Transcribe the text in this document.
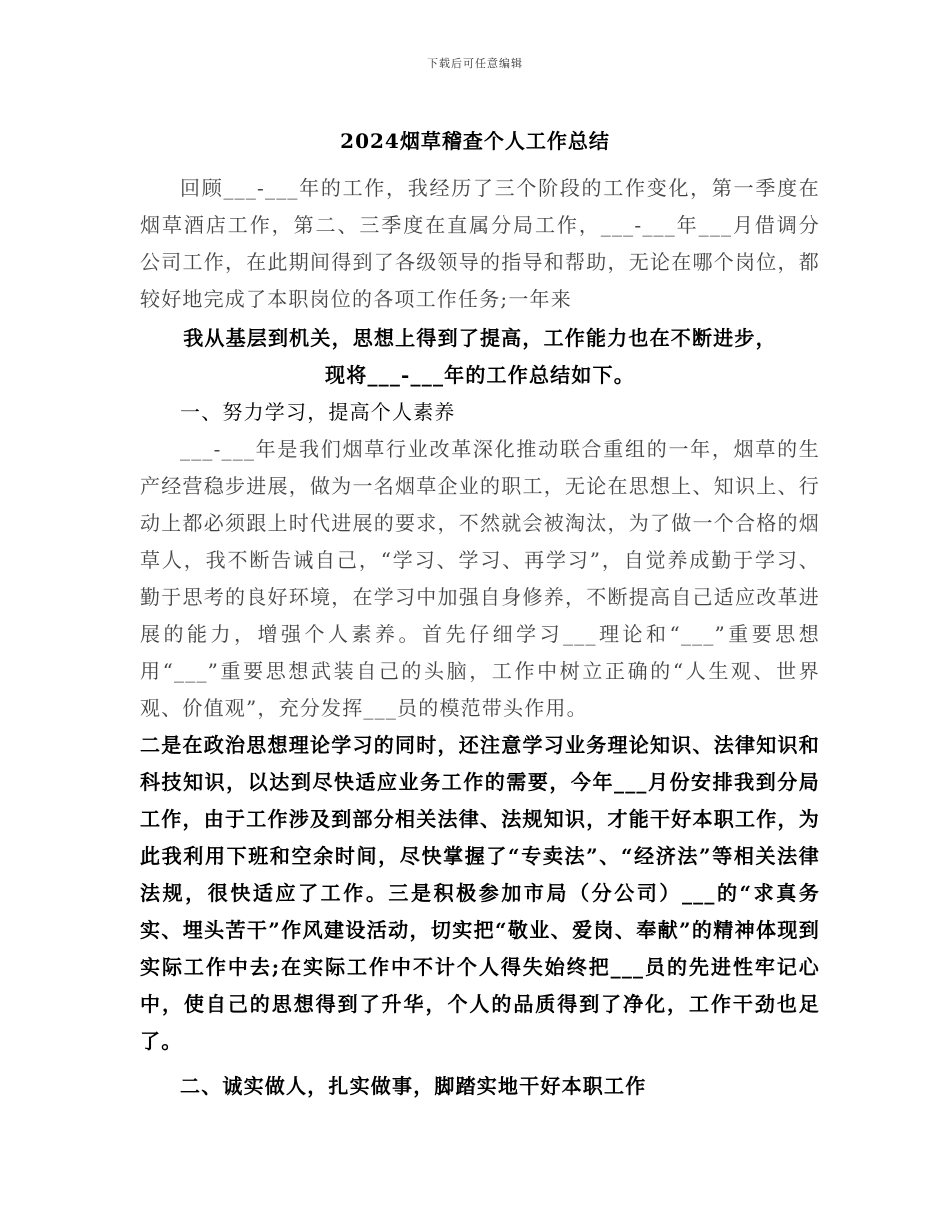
下载后可任意编辑
2024烟草稽查个人工作总结

回顾___-___年的工作，我经历了三个阶段的工作变化，第一季度在烟草酒店工作，第二、三季度在直属分局工作，___-___年___月借调分公司工作，在此期间得到了各级领导的指导和帮助，无论在哪个岗位，都较好地完成了本职岗位的各项工作任务;一年来

我从基层到机关，思想上得到了提高，工作能力也在不断进步，

现将___-___年的工作总结如下。

一、努力学习，提高个人素养

___-___年是我们烟草行业改革深化推动联合重组的一年，烟草的生产经营稳步进展，做为一名烟草企业的职工，无论在思想上、知识上、行动上都必须跟上时代进展的要求，不然就会被淘汰，为了做一个合格的烟草人，我不断告诫自己，“学习、学习、再学习”，自觉养成勤于学习、勤于思考的良好环境，在学习中加强自身修养，不断提高自己适应改革进展的能力，增强个人素养。首先仔细学习___理论和“___”重要思想用“___”重要思想武装自己的头脑，工作中树立正确的“人生观、世界观、价值观”，充分发挥___员的模范带头作用。

二是在政治思想理论学习的同时，还注意学习业务理论知识、法律知识和科技知识，以达到尽快适应业务工作的需要，今年___月份安排我到分局工作，由于工作涉及到部分相关法律、法规知识，才能干好本职工作，为此我利用下班和空余时间，尽快掌握了“专卖法”、“经济法”等相关法律法规，很快适应了工作。三是积极参加市局（分公司）___的“求真务实、埋头苦干”作风建设活动，切实把“敬业、爱岗、奉献”的精神体现到实际工作中去;在实际工作中不计个人得失始终把___员的先进性牢记心中，使自己的思想得到了升华，个人的品质得到了净化，工作干劲也足了。

二、诚实做人，扎实做事，脚踏实地干好本职工作
